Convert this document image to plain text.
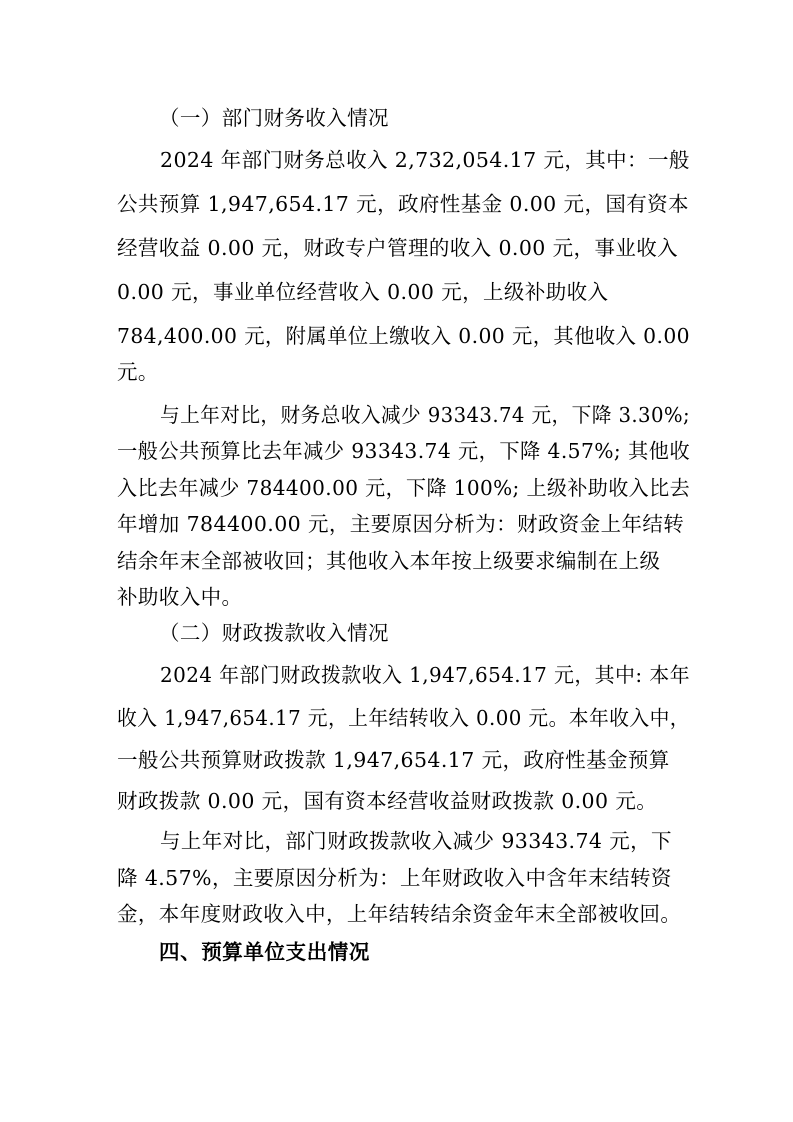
（一）部门财务收入情况
2024 年部门财务总收入 2,732,054.17 元，其中：一般
公共预算 1,947,654.17 元，政府性基金 0.00 元，国有资本
经营收益 0.00 元，财政专户管理的收入 0.00 元，事业收入
0.00 元，事业单位经营收入 0.00 元，上级补助收入
784,400.00 元，附属单位上缴收入 0.00 元，其他收入 0.00
元。
与上年对比，财务总收入减少 93343.74 元，下降 3.30%;
一般公共预算比去年减少 93343.74 元，下降 4.57%; 其他收
入比去年减少 784400.00 元，下降 100%; 上级补助收入比去
年增加 784400.00 元，主要原因分析为：财政资金上年结转
结余年末全部被收回；其他收入本年按上级要求编制在上级
补助收入中。
（二）财政拨款收入情况
2024 年部门财政拨款收入 1,947,654.17 元，其中: 本年
收入 1,947,654.17 元，上年结转收入 0.00 元。本年收入中，
一般公共预算财政拨款 1,947,654.17 元，政府性基金预算
财政拨款 0.00 元，国有资本经营收益财政拨款 0.00 元。
与上年对比，部门财政拨款收入减少 93343.74 元，下
降 4.57%，主要原因分析为：上年财政收入中含年末结转资
金，本年度财政收入中，上年结转结余资金年末全部被收回。
四、预算单位支出情况
